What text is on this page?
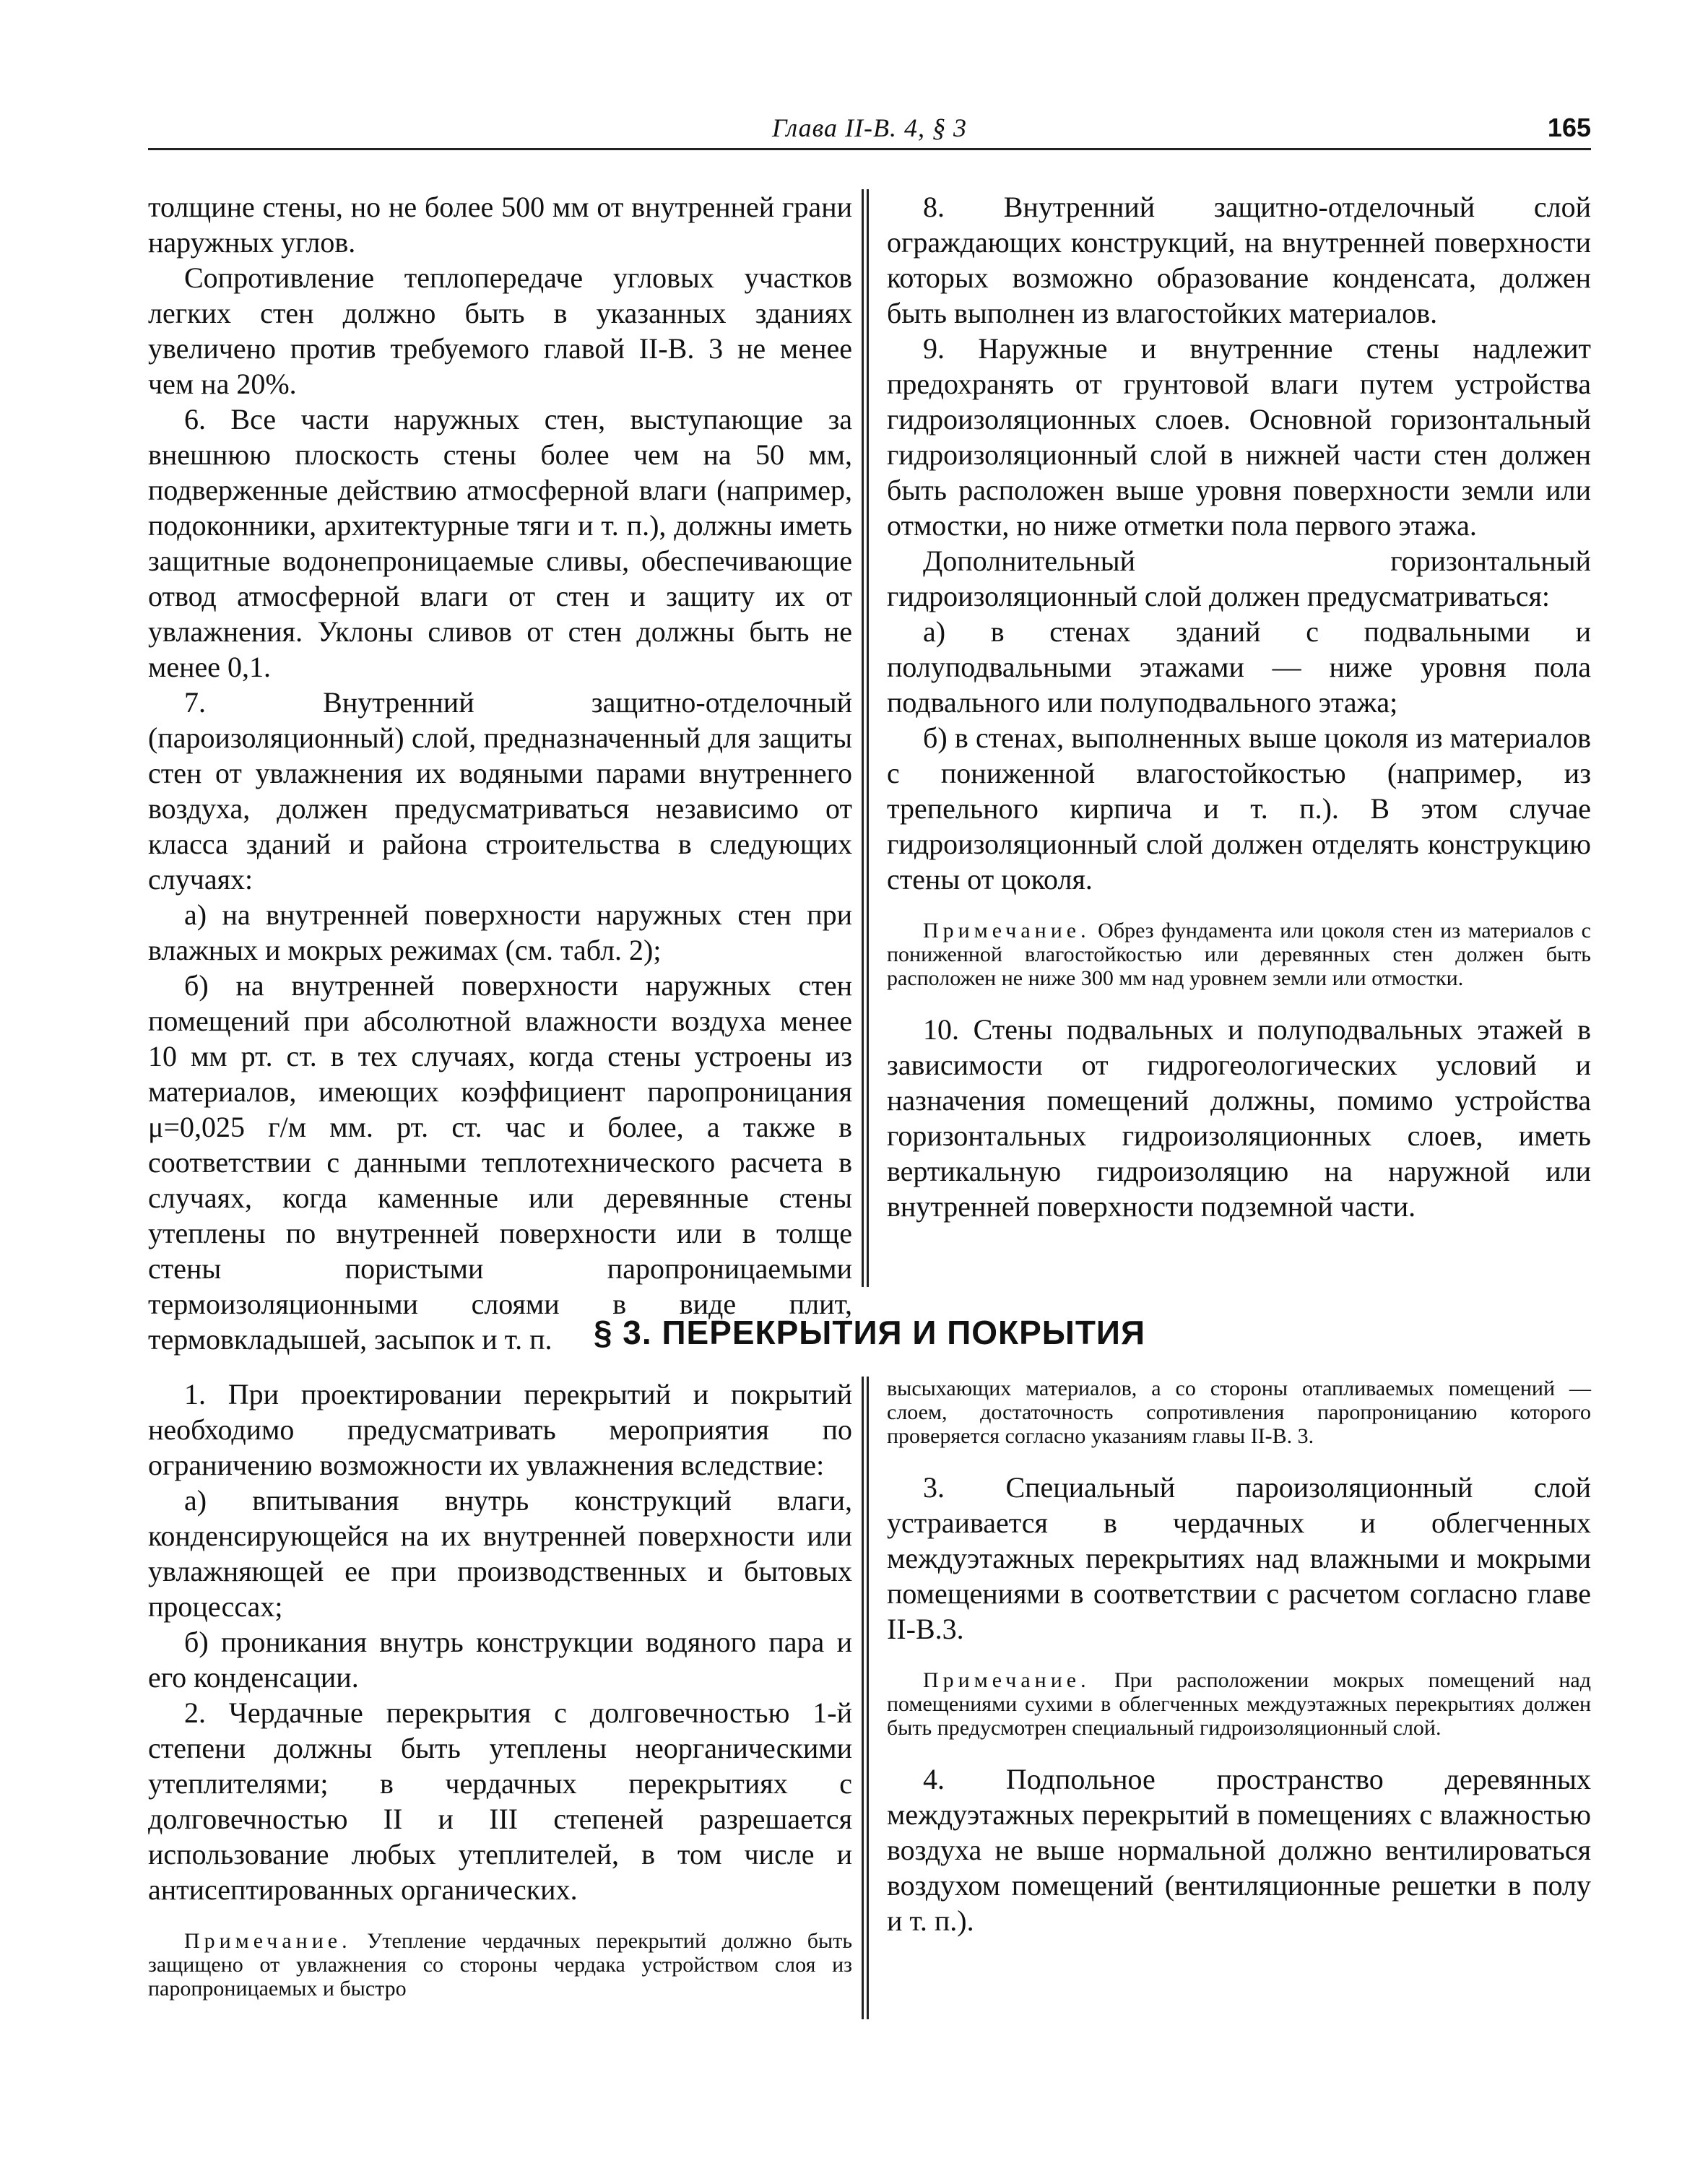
Глава II-В. 4, § 3	165

толщине стены, но не более 500 мм от внутренней грани наружных углов.

Сопротивление теплопередаче угловых участков легких стен должно быть в указанных зданиях увеличено против требуемого главой II-В. 3 не менее чем на 20%.

6. Все части наружных стен, выступающие за внешнюю плоскость стены более чем на 50 мм, подверженные действию атмосферной влаги (например, подоконники, архитектурные тяги и т. п.), должны иметь защитные водонепроницаемые сливы, обеспечивающие отвод атмосферной влаги от стен и защиту их от увлажнения. Уклоны сливов от стен должны быть не менее 0,1.

7. Внутренний защитно-отделочный (пароизоляционный) слой, предназначенный для защиты стен от увлажнения их водяными парами внутреннего воздуха, должен предусматриваться независимо от класса зданий и района строительства в следующих случаях:

а) на внутренней поверхности наружных стен при влажных и мокрых режимах (см. табл. 2);

б) на внутренней поверхности наружных стен помещений при абсолютной влажности воздуха менее 10 мм рт. ст. в тех случаях, когда стены устроены из материалов, имеющих коэффициент паропроницания μ=0,025 г/м мм. рт. ст. час и более, а также в соответствии с данными теплотехнического расчета в случаях, когда каменные или деревянные стены утеплены по внутренней поверхности или в толще стены пористыми паропроницаемыми термоизоляционными слоями в виде плит, термовкладышей, засыпок и т. п.

8. Внутренний защитно-отделочный слой ограждающих конструкций, на внутренней поверхности которых возможно образование конденсата, должен быть выполнен из влагостойких материалов.

9. Наружные и внутренние стены надлежит предохранять от грунтовой влаги путем устройства гидроизоляционных слоев. Основной горизонтальный гидроизоляционный слой в нижней части стен должен быть расположен выше уровня поверхности земли или отмостки, но ниже отметки пола первого этажа.

Дополнительный горизонтальный гидроизоляционный слой должен предусматриваться:

а) в стенах зданий с подвальными и полуподвальными этажами — ниже уровня пола подвального или полуподвального этажа;

б) в стенах, выполненных выше цоколя из материалов с пониженной влагостойкостью (например, из трепельного кирпича и т. п.). В этом случае гидроизоляционный слой должен отделять конструкцию стены от цоколя.

Примечание. Обрез фундамента или цоколя стен из материалов с пониженной влагостойкостью или деревянных стен должен быть расположен не ниже 300 мм над уровнем земли или отмостки.

10. Стены подвальных и полуподвальных этажей в зависимости от гидрогеологических условий и назначения помещений должны, помимо устройства горизонтальных гидроизоляционных слоев, иметь вертикальную гидроизоляцию на наружной или внутренней поверхности подземной части.

§ 3. ПЕРЕКРЫТИЯ И ПОКРЫТИЯ

1. При проектировании перекрытий и покрытий необходимо предусматривать мероприятия по ограничению возможности их увлажнения вследствие:

а) впитывания внутрь конструкций влаги, конденсирующейся на их внутренней поверхности или увлажняющей ее при производственных и бытовых процессах;

б) проникания внутрь конструкции водяного пара и его конденсации.

2. Чердачные перекрытия с долговечностью 1-й степени должны быть утеплены неорганическими утеплителями; в чердачных перекрытиях с долговечностью II и III степеней разрешается использование любых утеплителей, в том числе и антисептированных органических.

Примечание. Утепление чердачных перекрытий должно быть защищено от увлажнения со стороны чердака устройством слоя из паропроницаемых и быстро

высыхающих материалов, а со стороны отапливаемых помещений — слоем, достаточность сопротивления паропроницанию которого проверяется согласно указаниям главы II-В. 3.

3. Специальный пароизоляционный слой устраивается в чердачных и облегченных междуэтажных перекрытиях над влажными и мокрыми помещениями в соответствии с расчетом согласно главе II-В.3.

Примечание. При расположении мокрых помещений над помещениями сухими в облегченных междуэтажных перекрытиях должен быть предусмотрен специальный гидроизоляционный слой.

4. Подпольное пространство деревянных междуэтажных перекрытий в помещениях с влажностью воздуха не выше нормальной должно вентилироваться воздухом помещений (вентиляционные решетки в полу и т. п.).
